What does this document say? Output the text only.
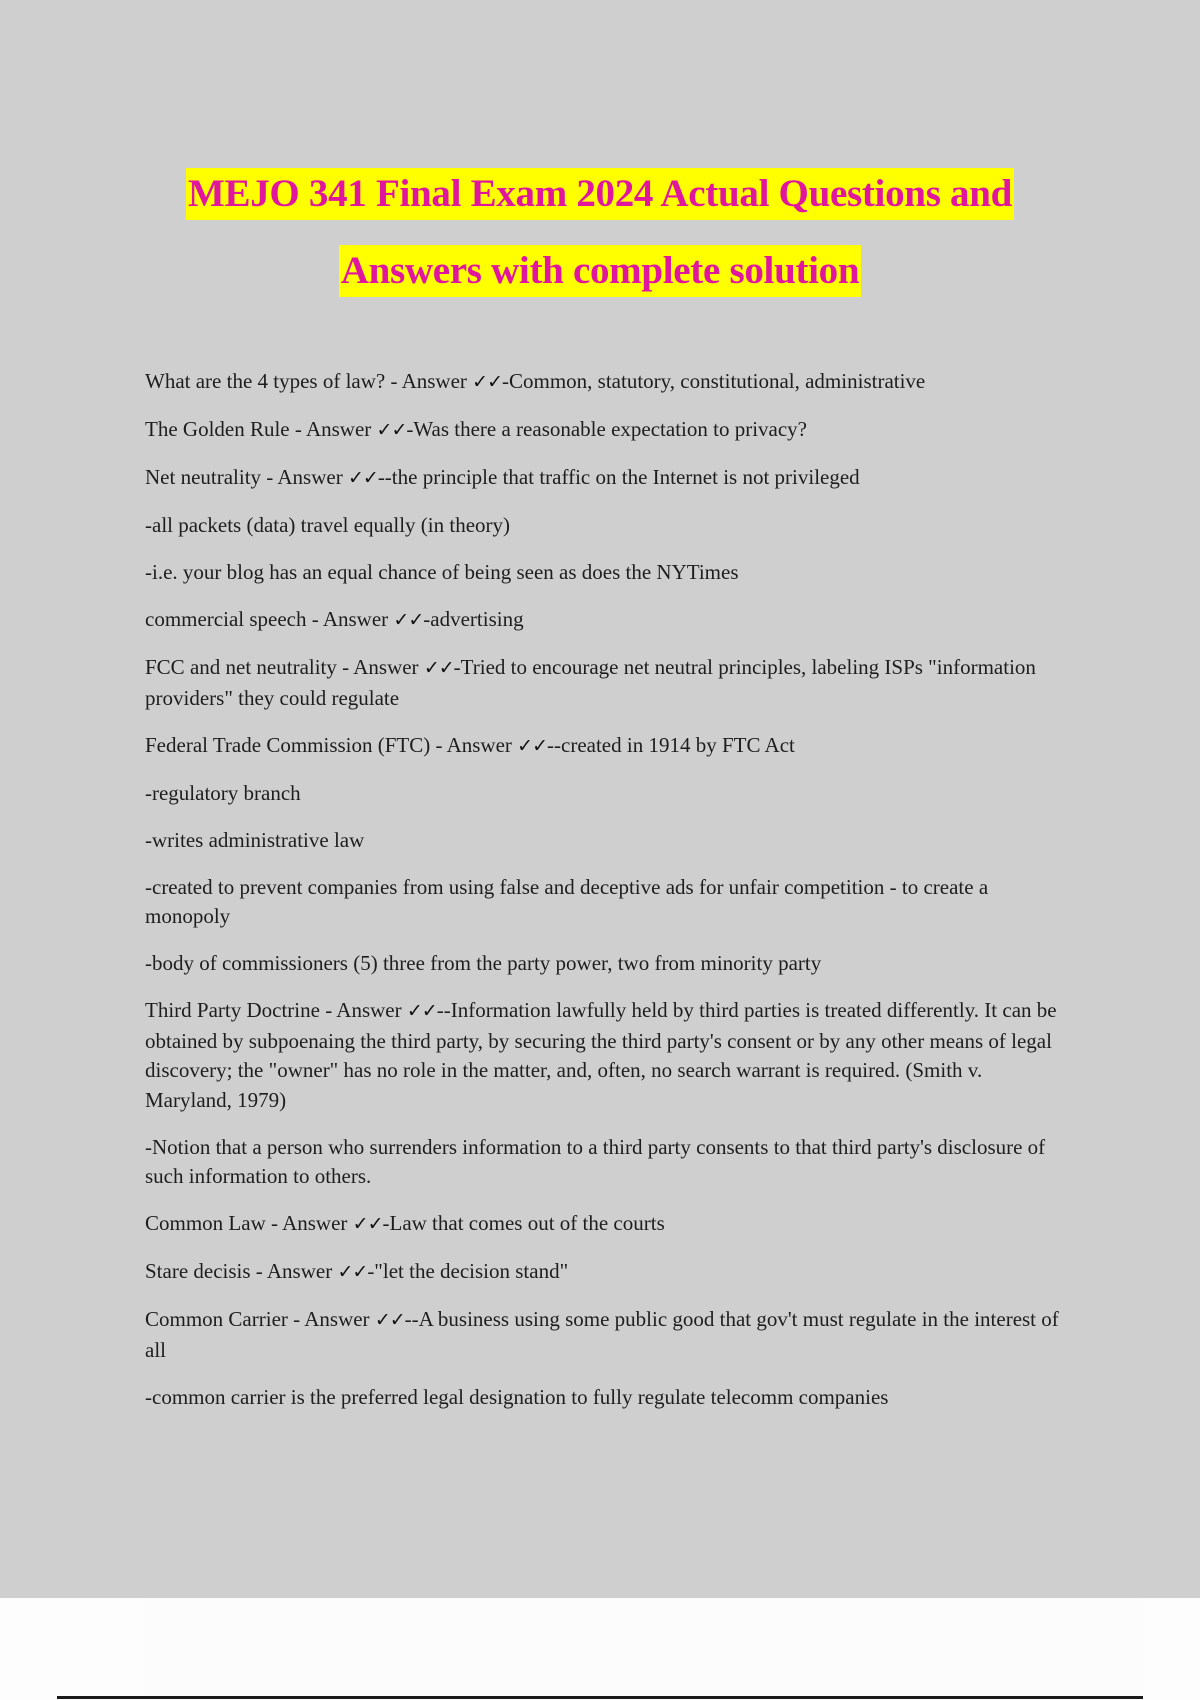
MEJO 341 Final Exam 2024 Actual Questions and
Answers with complete solution

What are the 4 types of law? - Answer ✓✓-Common, statutory, constitutional, administrative

The Golden Rule - Answer ✓✓-Was there a reasonable expectation to privacy?

Net neutrality - Answer ✓✓--the principle that traffic on the Internet is not privileged

-all packets (data) travel equally (in theory)

-i.e. your blog has an equal chance of being seen as does the NYTimes

commercial speech - Answer ✓✓-advertising

FCC and net neutrality - Answer ✓✓-Tried to encourage net neutral principles, labeling ISPs "information providers" they could regulate

Federal Trade Commission (FTC) - Answer ✓✓--created in 1914 by FTC Act

-regulatory branch

-writes administrative law

-created to prevent companies from using false and deceptive ads for unfair competition - to create a monopoly

-body of commissioners (5) three from the party power, two from minority party

Third Party Doctrine - Answer ✓✓--Information lawfully held by third parties is treated differently. It can be obtained by subpoenaing the third party, by securing the third party's consent or by any other means of legal discovery; the "owner" has no role in the matter, and, often, no search warrant is required. (Smith v. Maryland, 1979)

-Notion that a person who surrenders information to a third party consents to that third party's disclosure of such information to others.

Common Law - Answer ✓✓-Law that comes out of the courts

Stare decisis - Answer ✓✓-"let the decision stand"

Common Carrier - Answer ✓✓--A business using some public good that gov't must regulate in the interest of all

-common carrier is the preferred legal designation to fully regulate telecomm companies
